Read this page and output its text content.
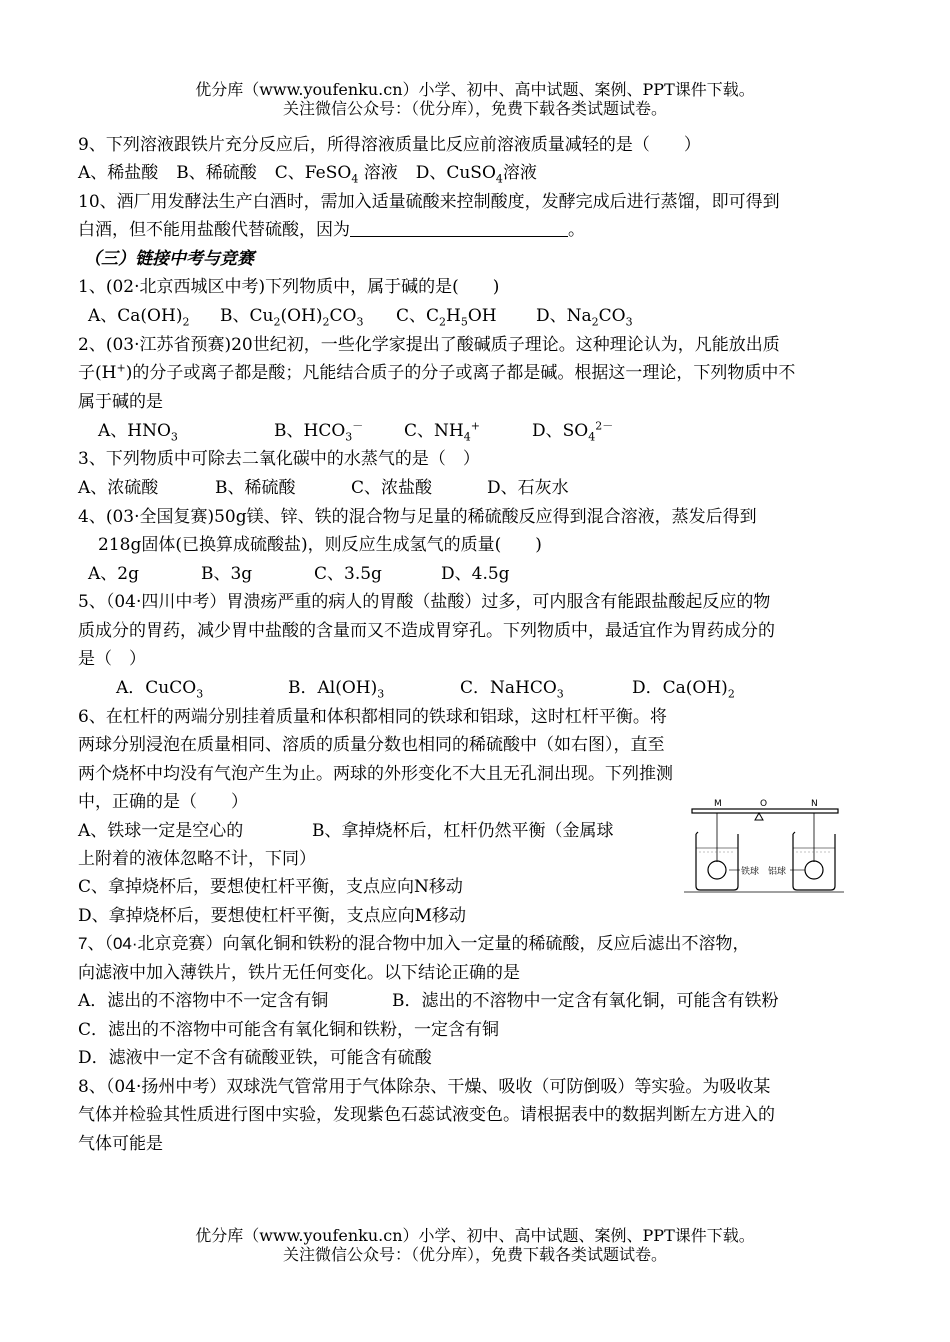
优分库（www.youfenku.cn）小学、初中、高中试题、案例、PPT课件下载。
关注微信公众号：（优分库），免费下载各类试题试卷。
9、下列溶液跟铁片充分反应后，所得溶液质量比反应前溶液质量减轻的是（　　）
A、稀盐酸 B、稀硫酸 C、FeSO$_4$ 溶液 D、CuSO$_4$溶液
10、酒厂用发酵法生产白酒时，需加入适量硫酸来控制酸度，发酵完成后进行蒸馏，即可得到
白酒，但不能用盐酸代替硫酸，因为	。
（三）链接中考与竞赛
1、(02·北京西城区中考)下列物质中，属于碱的是(　　)
A、$Ca(OH)_2$ B、$Cu_2(OH)_2CO_3$ C、$C_2H_5OH$ D、$Na_2CO_3$
2、(03·江苏省预赛)20世纪初，一些化学家提出了酸碱质子理论。这种理论认为，凡能放出质
子(H+)的分子或离子都是酸；凡能结合质子的分子或离子都是碱。根据这一理论，下列物质中不
属于碱的是
A、$HNO_3$	B、$HCO_3^-$ C、$NH_4^+$	D、$SO_4^{2-}$
3、下列物质中可除去二氧化碳中的水蒸气的是（　）
A、浓硫酸	B、稀硫酸	C、浓盐酸	D、石灰水
4、(03·全国复赛)50g镁、锌、铁的混合物与足量的稀硫酸反应得到混合溶液，蒸发后得到
218g固体(已换算成硫酸盐)，则反应生成氢气的质量(　　)
A、2g	B、3g	C、3.5g	D、4.5g
5、（04·四川中考）胃溃疡严重的病人的胃酸（盐酸）过多，可内服含有能跟盐酸起反应的物
质成分的胃药，减少胃中盐酸的含量而又不造成胃穿孔。下列物质中，最适宜作为胃药成分的
是（　）
A．CuCO$_3$	B．$Al(OH)_3$	C．NaHCO$_3$	D．$Ca(OH)_2$
6、在杠杆的两端分别挂着质量和体积都相同的铁球和铝球，这时杠杆平衡。将
两球分别浸泡在质量相同、溶质的质量分数也相同的稀硫酸中（如右图），直至
两个烧杯中均没有气泡产生为止。两球的外形变化不大且无孔洞出现。下列推测
中，正确的是（　　）
A、铁球一定是空心的	B、拿掉烧杯后，杠杆仍然平衡（金属球
上附着的液体忽略不计，下同）
C、拿掉烧杯后，要想使杠杆平衡，支点应向N移动
D、拿掉烧杯后，要想使杠杆平衡，支点应向M移动
M	O	N
铁球 铝球
7、（04·北京竞赛）向氧化铜和铁粉的混合物中加入一定量的稀硫酸，反应后滤出不溶物，
向滤液中加入薄铁片，铁片无任何变化。以下结论正确的是
A．滤出的不溶物中不一定含有铜	B．滤出的不溶物中一定含有氧化铜，可能含有铁粉
C．滤出的不溶物中可能含有氧化铜和铁粉，一定含有铜
D．滤液中一定不含有硫酸亚铁，可能含有硫酸
8、（04·扬州中考）双球洗气管常用于气体除杂、干燥、吸收（可防倒吸）等实验。为吸收某
气体并检验其性质进行图中实验，发现紫色石蕊试液变色。请根据表中的数据判断左方进入的
气体可能是
优分库（www.youfenku.cn）小学、初中、高中试题、案例、PPT课件下载。
关注微信公众号：（优分库），免费下载各类试题试卷。
